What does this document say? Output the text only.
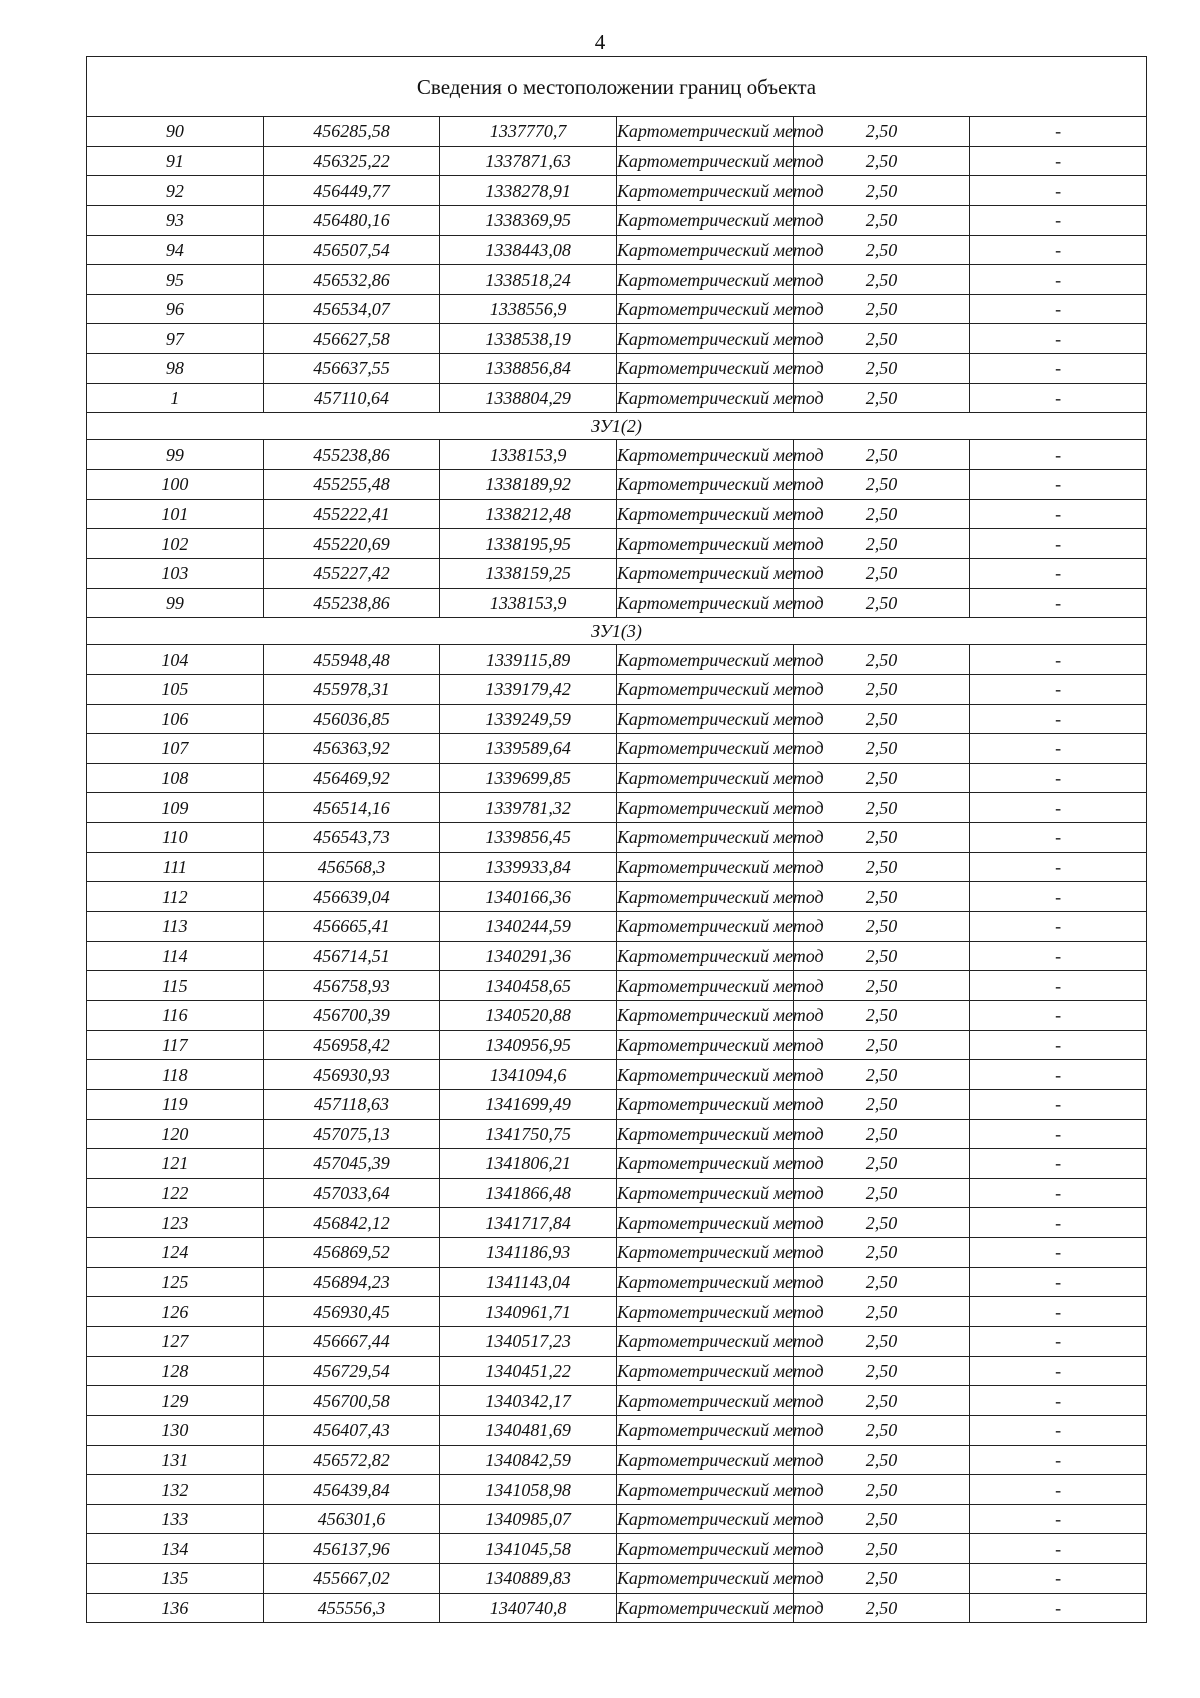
4
Сведения о местоположении границ объекта					
90	456285,58	1337770,7	Картометрический метод	2,50	-
91	456325,22	1337871,63	Картометрический метод	2,50	-
92	456449,77	1338278,91	Картометрический метод	2,50	-
93	456480,16	1338369,95	Картометрический метод	2,50	-
94	456507,54	1338443,08	Картометрический метод	2,50	-
95	456532,86	1338518,24	Картометрический метод	2,50	-
96	456534,07	1338556,9	Картометрический метод	2,50	-
97	456627,58	1338538,19	Картометрический метод	2,50	-
98	456637,55	1338856,84	Картометрический метод	2,50	-
1	457110,64	1338804,29	Картометрический метод	2,50	-
ЗУ1(2)					
99	455238,86	1338153,9	Картометрический метод	2,50	-
100	455255,48	1338189,92	Картометрический метод	2,50	-
101	455222,41	1338212,48	Картометрический метод	2,50	-
102	455220,69	1338195,95	Картометрический метод	2,50	-
103	455227,42	1338159,25	Картометрический метод	2,50	-
99	455238,86	1338153,9	Картометрический метод	2,50	-
ЗУ1(3)					
104	455948,48	1339115,89	Картометрический метод	2,50	-
105	455978,31	1339179,42	Картометрический метод	2,50	-
106	456036,85	1339249,59	Картометрический метод	2,50	-
107	456363,92	1339589,64	Картометрический метод	2,50	-
108	456469,92	1339699,85	Картометрический метод	2,50	-
109	456514,16	1339781,32	Картометрический метод	2,50	-
110	456543,73	1339856,45	Картометрический метод	2,50	-
111	456568,3	1339933,84	Картометрический метод	2,50	-
112	456639,04	1340166,36	Картометрический метод	2,50	-
113	456665,41	1340244,59	Картометрический метод	2,50	-
114	456714,51	1340291,36	Картометрический метод	2,50	-
115	456758,93	1340458,65	Картометрический метод	2,50	-
116	456700,39	1340520,88	Картометрический метод	2,50	-
117	456958,42	1340956,95	Картометрический метод	2,50	-
118	456930,93	1341094,6	Картометрический метод	2,50	-
119	457118,63	1341699,49	Картометрический метод	2,50	-
120	457075,13	1341750,75	Картометрический метод	2,50	-
121	457045,39	1341806,21	Картометрический метод	2,50	-
122	457033,64	1341866,48	Картометрический метод	2,50	-
123	456842,12	1341717,84	Картометрический метод	2,50	-
124	456869,52	1341186,93	Картометрический метод	2,50	-
125	456894,23	1341143,04	Картометрический метод	2,50	-
126	456930,45	1340961,71	Картометрический метод	2,50	-
127	456667,44	1340517,23	Картометрический метод	2,50	-
128	456729,54	1340451,22	Картометрический метод	2,50	-
129	456700,58	1340342,17	Картометрический метод	2,50	-
130	456407,43	1340481,69	Картометрический метод	2,50	-
131	456572,82	1340842,59	Картометрический метод	2,50	-
132	456439,84	1341058,98	Картометрический метод	2,50	-
133	456301,6	1340985,07	Картометрический метод	2,50	-
134	456137,96	1341045,58	Картометрический метод	2,50	-
135	455667,02	1340889,83	Картометрический метод	2,50	-
136	455556,3	1340740,8	Картометрический метод	2,50	-
